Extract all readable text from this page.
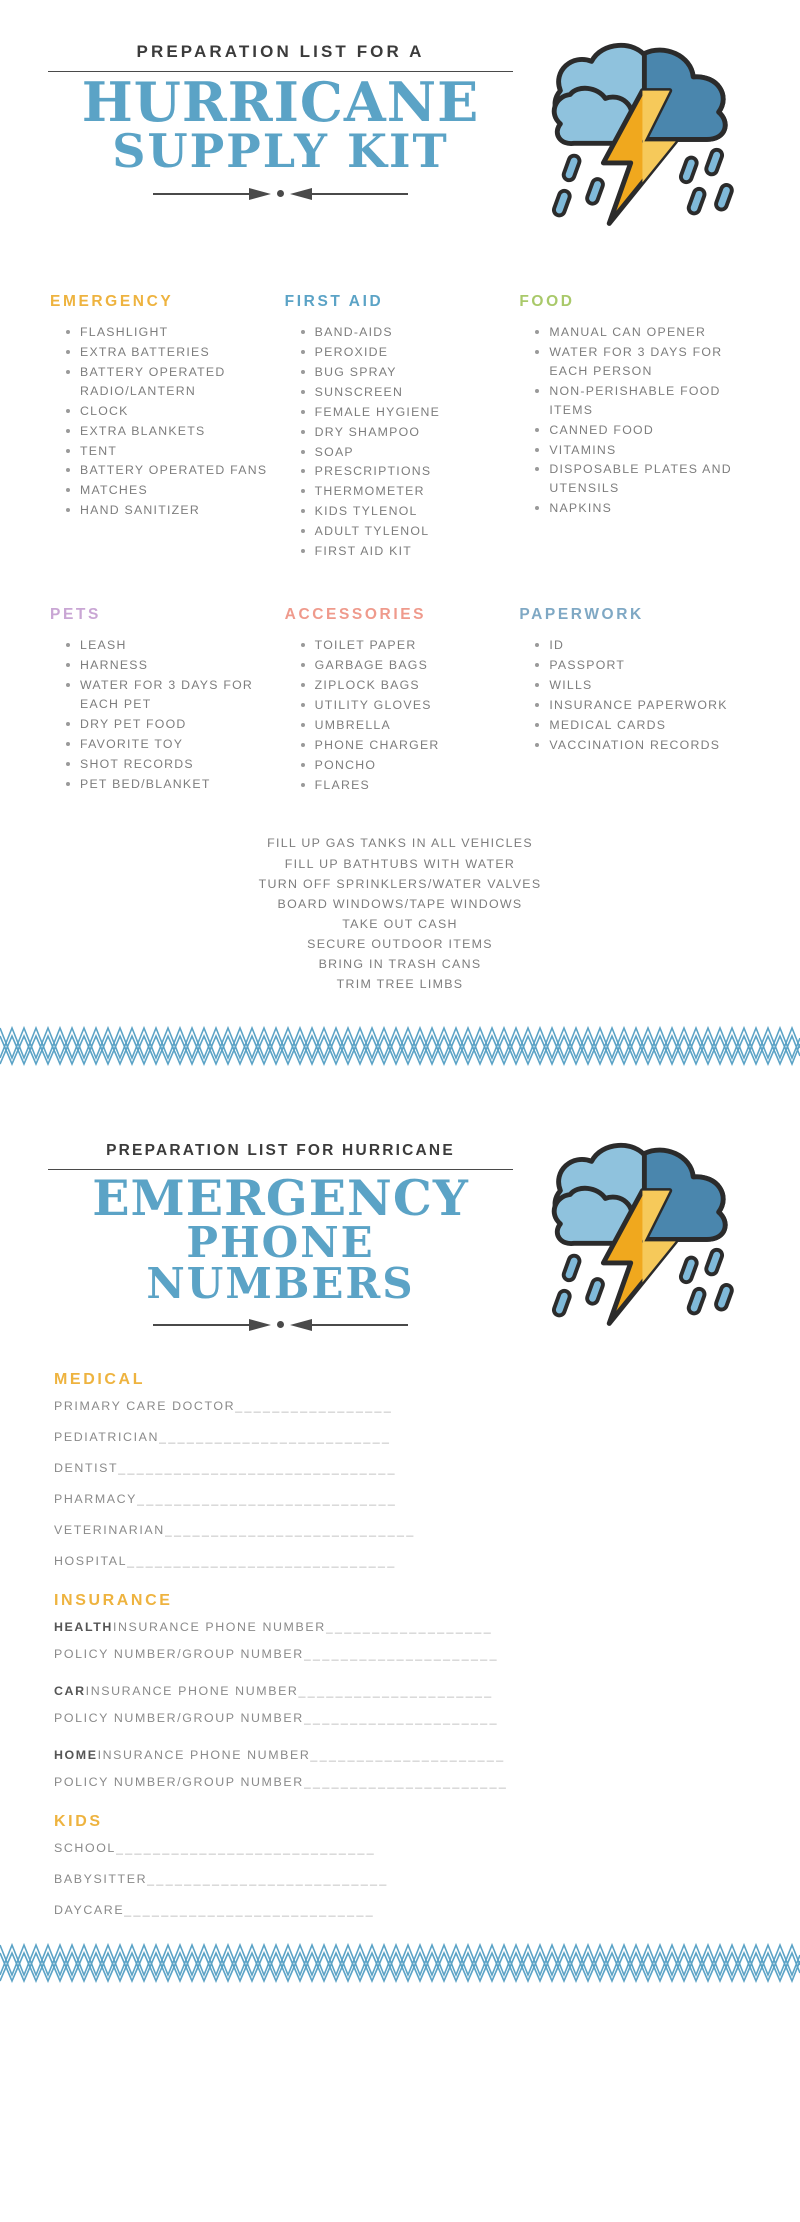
PREPARATION LIST FOR A
HURRICANE
SUPPLY KIT
EMERGENCY
FLASHLIGHT
EXTRA BATTERIES
BATTERY OPERATED RADIO/LANTERN
CLOCK
EXTRA BLANKETS
TENT
BATTERY OPERATED FANS
MATCHES
HAND SANITIZER
FIRST AID
BAND-AIDS
PEROXIDE
BUG SPRAY
SUNSCREEN
FEMALE HYGIENE
DRY SHAMPOO
SOAP
PRESCRIPTIONS
THERMOMETER
KIDS TYLENOL
ADULT TYLENOL
FIRST AID KIT
FOOD
MANUAL CAN OPENER
WATER FOR 3 DAYS FOR EACH PERSON
NON-PERISHABLE FOOD ITEMS
CANNED FOOD
VITAMINS
DISPOSABLE PLATES AND UTENSILS
NAPKINS
PETS
LEASH
HARNESS
WATER FOR 3 DAYS FOR EACH PET
DRY PET FOOD
FAVORITE TOY
SHOT RECORDS
PET BED/BLANKET
ACCESSORIES
TOILET PAPER
GARBAGE BAGS
ZIPLOCK BAGS
UTILITY GLOVES
UMBRELLA
PHONE CHARGER
PONCHO
FLARES
PAPERWORK
ID
PASSPORT
WILLS
INSURANCE PAPERWORK
MEDICAL CARDS
VACCINATION RECORDS
FILL UP GAS TANKS IN ALL VEHICLES
FILL UP BATHTUBS WITH WATER
TURN OFF SPRINKLERS/WATER VALVES
BOARD WINDOWS/TAPE WINDOWS
TAKE OUT CASH
SECURE OUTDOOR ITEMS
BRING IN TRASH CANS
TRIM TREE LIMBS
PREPARATION LIST FOR HURRICANE
EMERGENCY
PHONE NUMBERS
MEDICAL
PRIMARY CARE DOCTOR _________________
PEDIATRICIAN _________________________
DENTIST ______________________________
PHARMACY ____________________________
VETERINARIAN ___________________________
HOSPITAL _____________________________
INSURANCE
HEALTH INSURANCE PHONE NUMBER __________________
POLICY NUMBER/GROUP NUMBER _____________________
CAR INSURANCE PHONE NUMBER _____________________
POLICY NUMBER/GROUP NUMBER _____________________
HOME INSURANCE PHONE NUMBER _____________________
POLICY NUMBER/GROUP NUMBER ______________________
KIDS
SCHOOL ____________________________
BABYSITTER __________________________
DAYCARE ___________________________
